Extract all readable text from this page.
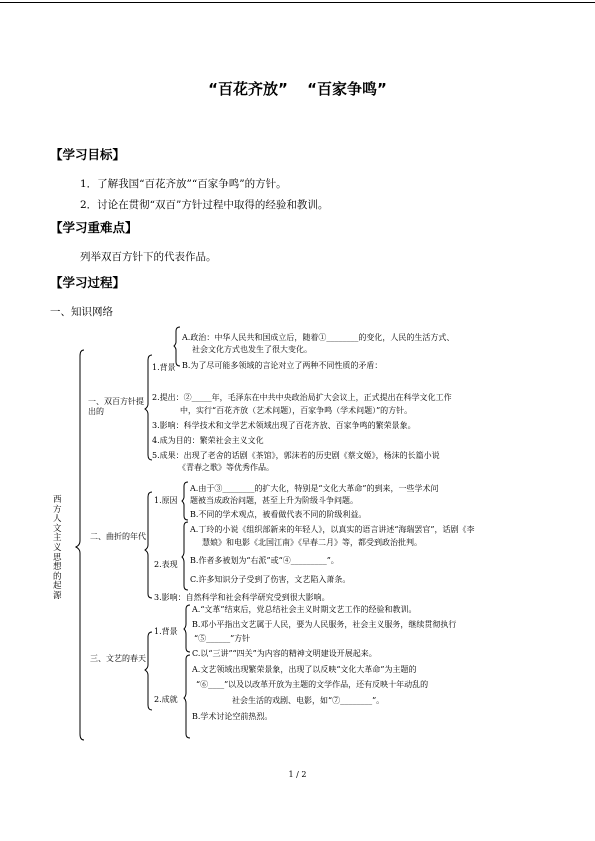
“百花齐放” “百家争鸣”
【学习目标】
1．了解我国“百花齐放”“百家争鸣”的方针。
2．讨论在贯彻“双百”方针过程中取得的经验和教训。
【学习重难点】
列举双百方针下的代表作品。
【学习过程】
一、知识网络
西方人文主义思想的起源
一、双百方针提出的
二、曲折的年代
三、文艺的春天
1.背景
A.政治：中华人民共和国成立后，随着①________的变化，人民的生活方式、
社会文化方式也发生了很大变化。
B.为了尽可能多领域的言论对立了两种不同性质的矛盾：
2.提出：②_____年，毛泽东在中共中央政治局扩大会议上，正式提出在科学文化工作
中，实行“百花齐放（艺术问题），百家争鸣（学术问题）”的方针。
3.影响：科学技术和文学艺术领域出现了百花齐放、百家争鸣的繁荣景象。
4.成为目的：繁荣社会主义文化
5.成果：出现了老舍的话剧《茶馆》，郭沫若的历史剧《蔡文姬》，杨沫的长篇小说
《青春之歌》等优秀作品。
1.原因
A.由于③________的扩大化，特别是“文化大革命”的到来，一些学术问
题被当成政治问题，甚至上升为阶级斗争问题。
B.不同的学术观点，被看做代表不同的阶级利益。
2.表现
A.丁玲的小说《组织部新来的年轻人》，以真实的语言讲述“海瑞罢官”，话剧《李
慧娘》和电影《北国江南》《早春二月》等，都受到政治批判。
B.作者多被划为“右派”或“④_________”。
C.许多知识分子受到了伤害，文艺陷入萧条。
3.影响：自然科学和社会科学研究受到很大影响。
1.背景
A.“文革”结束后，党总结社会主义时期文艺工作的经验和教训。
B.邓小平指出文艺属于人民，要为人民服务，社会主义服务，继续贯彻执行
“⑤______”方针
C.以“三讲”“四关”为内容的精神文明建设开展起来。
2.成就
A.文艺领域出现繁荣景象，出现了以反映“文化大革命”为主题的
“⑥____”以及以改革开放为主题的文学作品，还有反映十年动乱的
社会生活的戏剧、电影，如“⑦________”。
B.学术讨论空前热烈。
1 / 2
